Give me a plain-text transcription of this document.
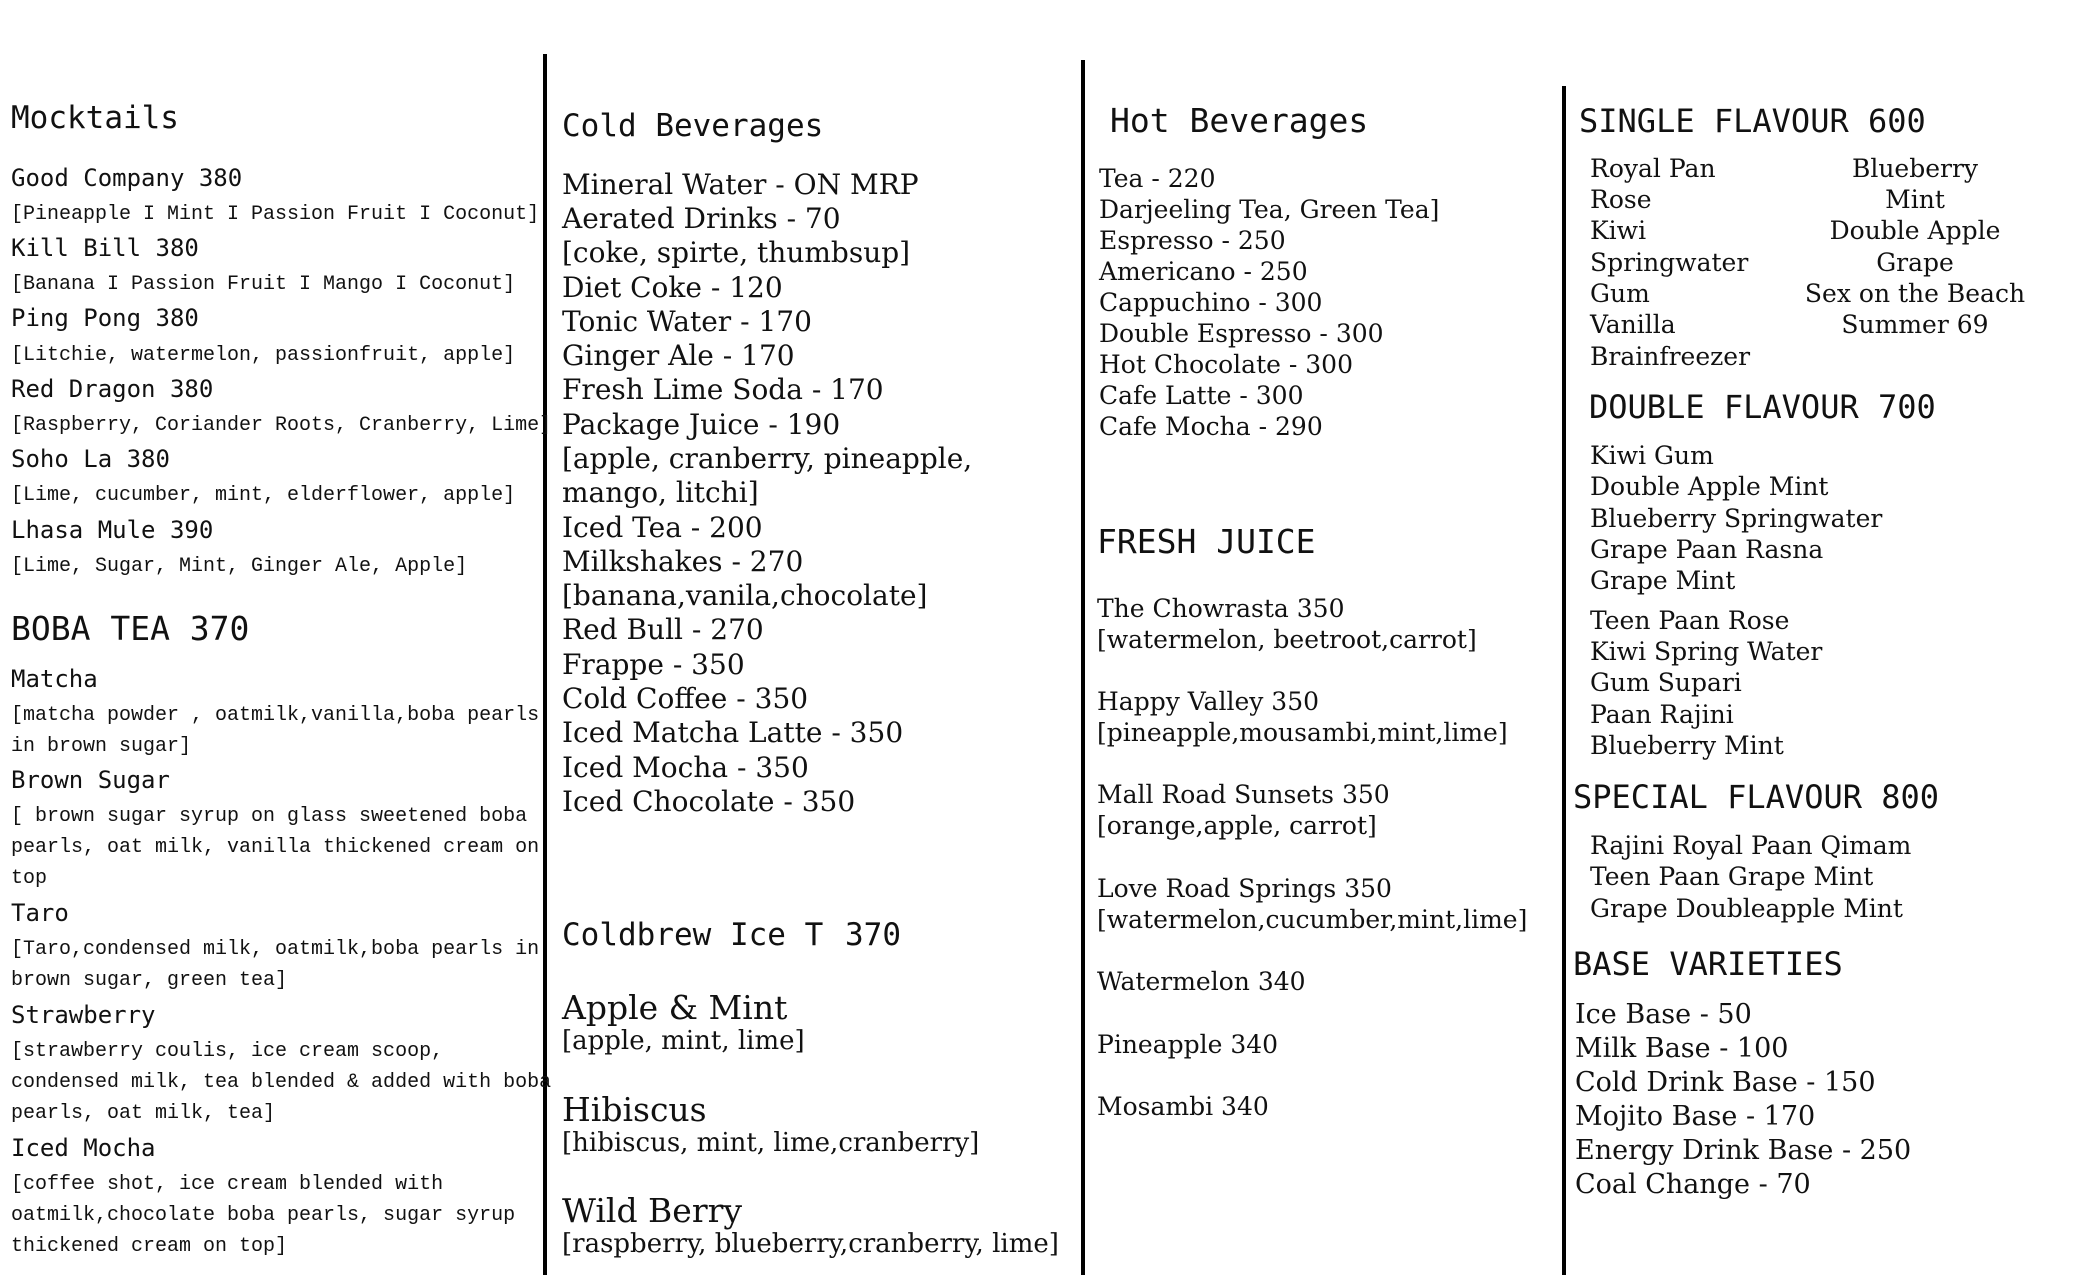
Mocktails
Good Company 380
[Pineapple I Mint I Passion Fruit I Coconut]
Kill Bill 380
[Banana I Passion Fruit I Mango I Coconut]
Ping Pong 380
[Litchie, watermelon, passionfruit, apple]
Red Dragon 380
[Raspberry, Coriander Roots, Cranberry, Lime]
Soho La 380
[Lime, cucumber, mint, elderflower, apple]
Lhasa Mule 390
[Lime, Sugar, Mint, Ginger Ale, Apple]
BOBA TEA 370
Matcha
[matcha powder , oatmilk,vanilla,boba pearls
in brown sugar]
Brown Sugar
[ brown sugar syrup on glass sweetened boba
pearls, oat milk, vanilla thickened cream on
top
Taro
[Taro,condensed milk, oatmilk,boba pearls in
brown sugar, green tea]
Strawberry
[strawberry coulis, ice cream scoop,
condensed milk, tea blended & added with boba
pearls, oat milk, tea]
Iced Mocha
[coffee shot, ice cream blended with
oatmilk,chocolate boba pearls, sugar syrup
thickened cream on top]
Cold Beverages
Mineral Water - ON MRP
Aerated Drinks - 70
[coke, spirte, thumbsup]
Diet Coke - 120
Tonic Water - 170
Ginger Ale - 170
Fresh Lime Soda - 170
Package Juice - 190
[apple, cranberry, pineapple,
mango, litchi]
Iced Tea - 200
Milkshakes - 270
[banana,vanila,chocolate]
Red Bull - 270
Frappe - 350
Cold Coffee - 350
Iced Matcha Latte - 350
Iced Mocha - 350
Iced Chocolate - 350
Coldbrew Ice T 370
Apple & Mint
[apple, mint, lime]
Hibiscus
[hibiscus, mint, lime,cranberry]
Wild Berry
[raspberry, blueberry,cranberry, lime]
Hot Beverages
Tea - 220
Darjeeling Tea, Green Tea]
Espresso - 250
Americano - 250
Cappuchino - 300
Double Espresso - 300
Hot Chocolate - 300
Cafe Latte - 300
Cafe Mocha - 290
FRESH JUICE
The Chowrasta 350
[watermelon, beetroot,carrot]
Happy Valley 350
[pineapple,mousambi,mint,lime]
Mall Road Sunsets 350
[orange,apple, carrot]
Love Road Springs 350
[watermelon,cucumber,mint,lime]
Watermelon 340
Pineapple 340
Mosambi 340
SINGLE FLAVOUR 600
Royal Pan
Rose
Kiwi
Springwater
Gum
Vanilla
Brainfreezer
Blueberry
Mint
Double Apple
Grape
Sex on the Beach
Summer 69
DOUBLE FLAVOUR 700
Kiwi Gum
Double Apple Mint
Blueberry Springwater
Grape Paan Rasna
Grape Mint
Teen Paan Rose
Kiwi Spring Water
Gum Supari
Paan Rajini
Blueberry Mint
SPECIAL FLAVOUR 800
Rajini Royal Paan Qimam
Teen Paan Grape Mint
Grape Doubleapple Mint
BASE VARIETIES
Ice Base - 50
Milk Base - 100
Cold Drink Base - 150
Mojito Base - 170
Energy Drink Base - 250
Coal Change - 70
